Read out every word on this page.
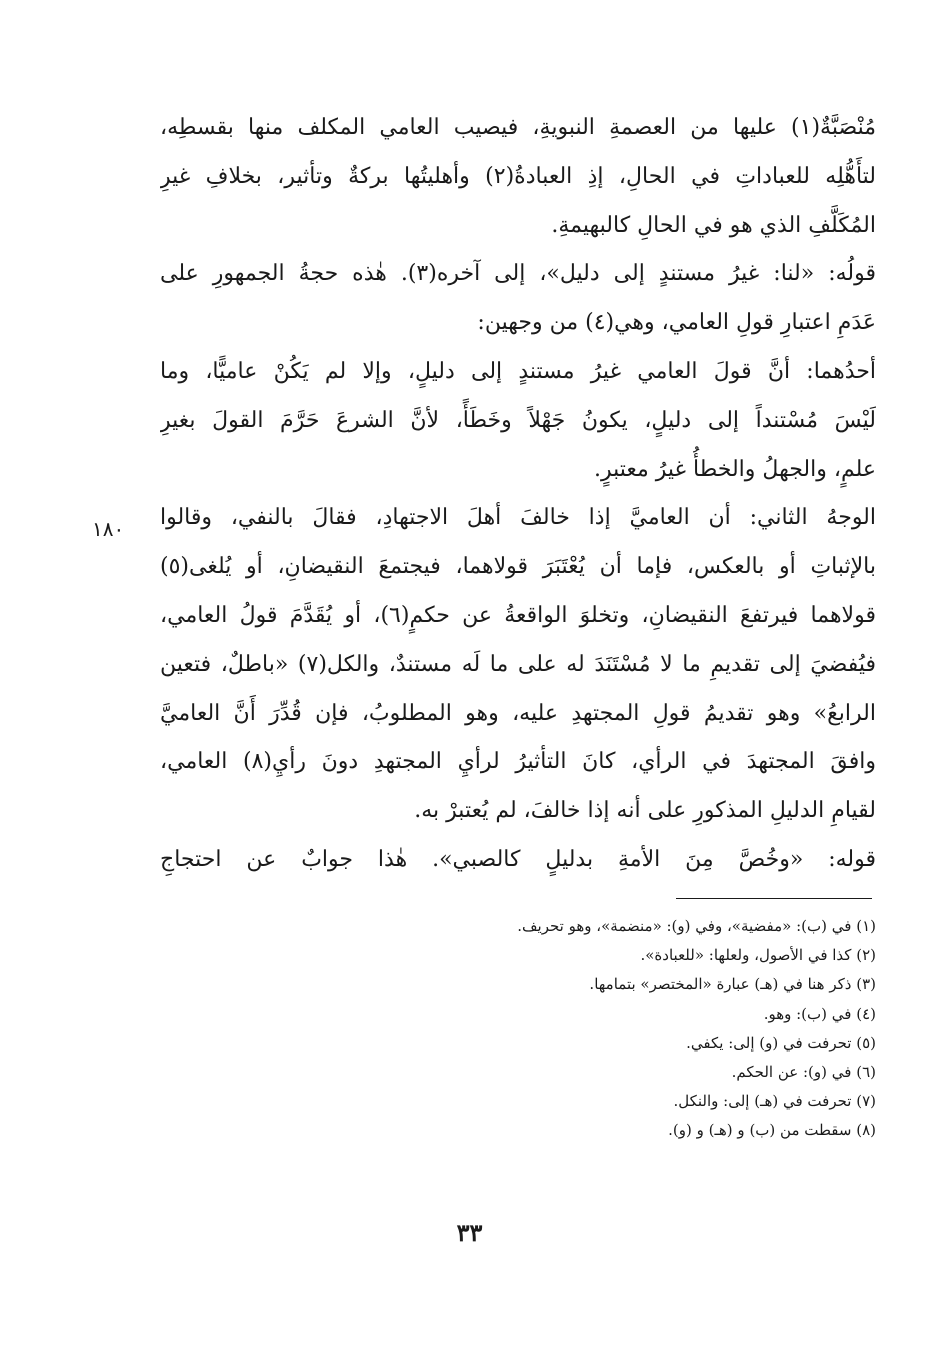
مُنْصَبَّةٌ(١) عليها من العصمةِ النبويةِ، فيصيب العامي المكلف منها بقسطِه،
لتأَهُّلِه للعباداتِ في الحالِ، إذِ العبادةُ(٢) وأهليتُها بركةٌ وتأثير، بخلافِ غيرِ
المُكَلَّفِ الذي هو في الحالِ كالبهيمةِ.
قولُه: «لنا: غيرُ مستندٍ إلى دليل»، إلى آخره(٣). هٰذه حجةُ الجمهورِ على
عَدَمِ اعتبارِ قولِ العامي، وهي(٤) من وجهين:
أحدُهما: أنَّ قولَ العامي غيرُ مستندٍ إلى دليلٍ، وإلا لم يَكُنْ عاميًّا، وما
لَيْسَ مُسْتنداً إلى دليلٍ، يكونُ جَهْلاً وخَطَأً، لأنَّ الشرعَ حَرَّمَ القولَ بغيرِ
علمٍ، والجهلُ والخطأُ غيرُ معتبرٍ.
الوجهُ الثاني: أن العاميَّ إذا خالفَ أهلَ الاجتهادِ، فقالَ بالنفي، وقالوا
بالإثباتِ أو بالعكس، فإما أن يُعْتَبَرَ قولاهما، فيجتمعَ النقيضانِ، أو يُلغى(٥)
قولاهما فيرتفعَ النقيضانِ، وتخلوَ الواقعةُ عن حكمٍ(٦)، أو يُقَدَّمَ قولُ العامي،
فيُفضيَ إلى تقديمِ ما لا مُسْتَنَدَ له على ما لَه مستندٌ، والكل(٧) «باطلٌ، فتعين
الرابعُ» وهو تقديمُ قولِ المجتهدِ عليه، وهو المطلوبُ، فإن قُدِّرَ أَنَّ العاميَّ
وافقَ المجتهدَ في الرأي، كانَ التأثيرُ لرأيِ المجتهدِ دونَ رأيِ(٨) العامي،
لقيامِ الدليلِ المذكورِ على أنه إذا خالفَ، لم يُعتبرْ به.
قوله: «وخُصَّ مِنَ الأمةِ بدليلٍ كالصبي». هٰذا جوابٌ عن احتجاجِ
١٨٠
(١) في (ب): «مفضية»، وفي (و): «منضمة»، وهو تحريف.
(٢) كذا في الأصول، ولعلها: «للعبادة».
(٣) ذكر هنا في (هـ) عبارة «المختصر» بتمامها.
(٤) في (ب): وهو.
(٥) تحرفت في (و) إلى: يكفي.
(٦) في (و): عن الحكم.
(٧) تحرفت في (هـ) إلى: والنكل.
(٨) سقطت من (ب) و (هـ) و (و).
٣٣
